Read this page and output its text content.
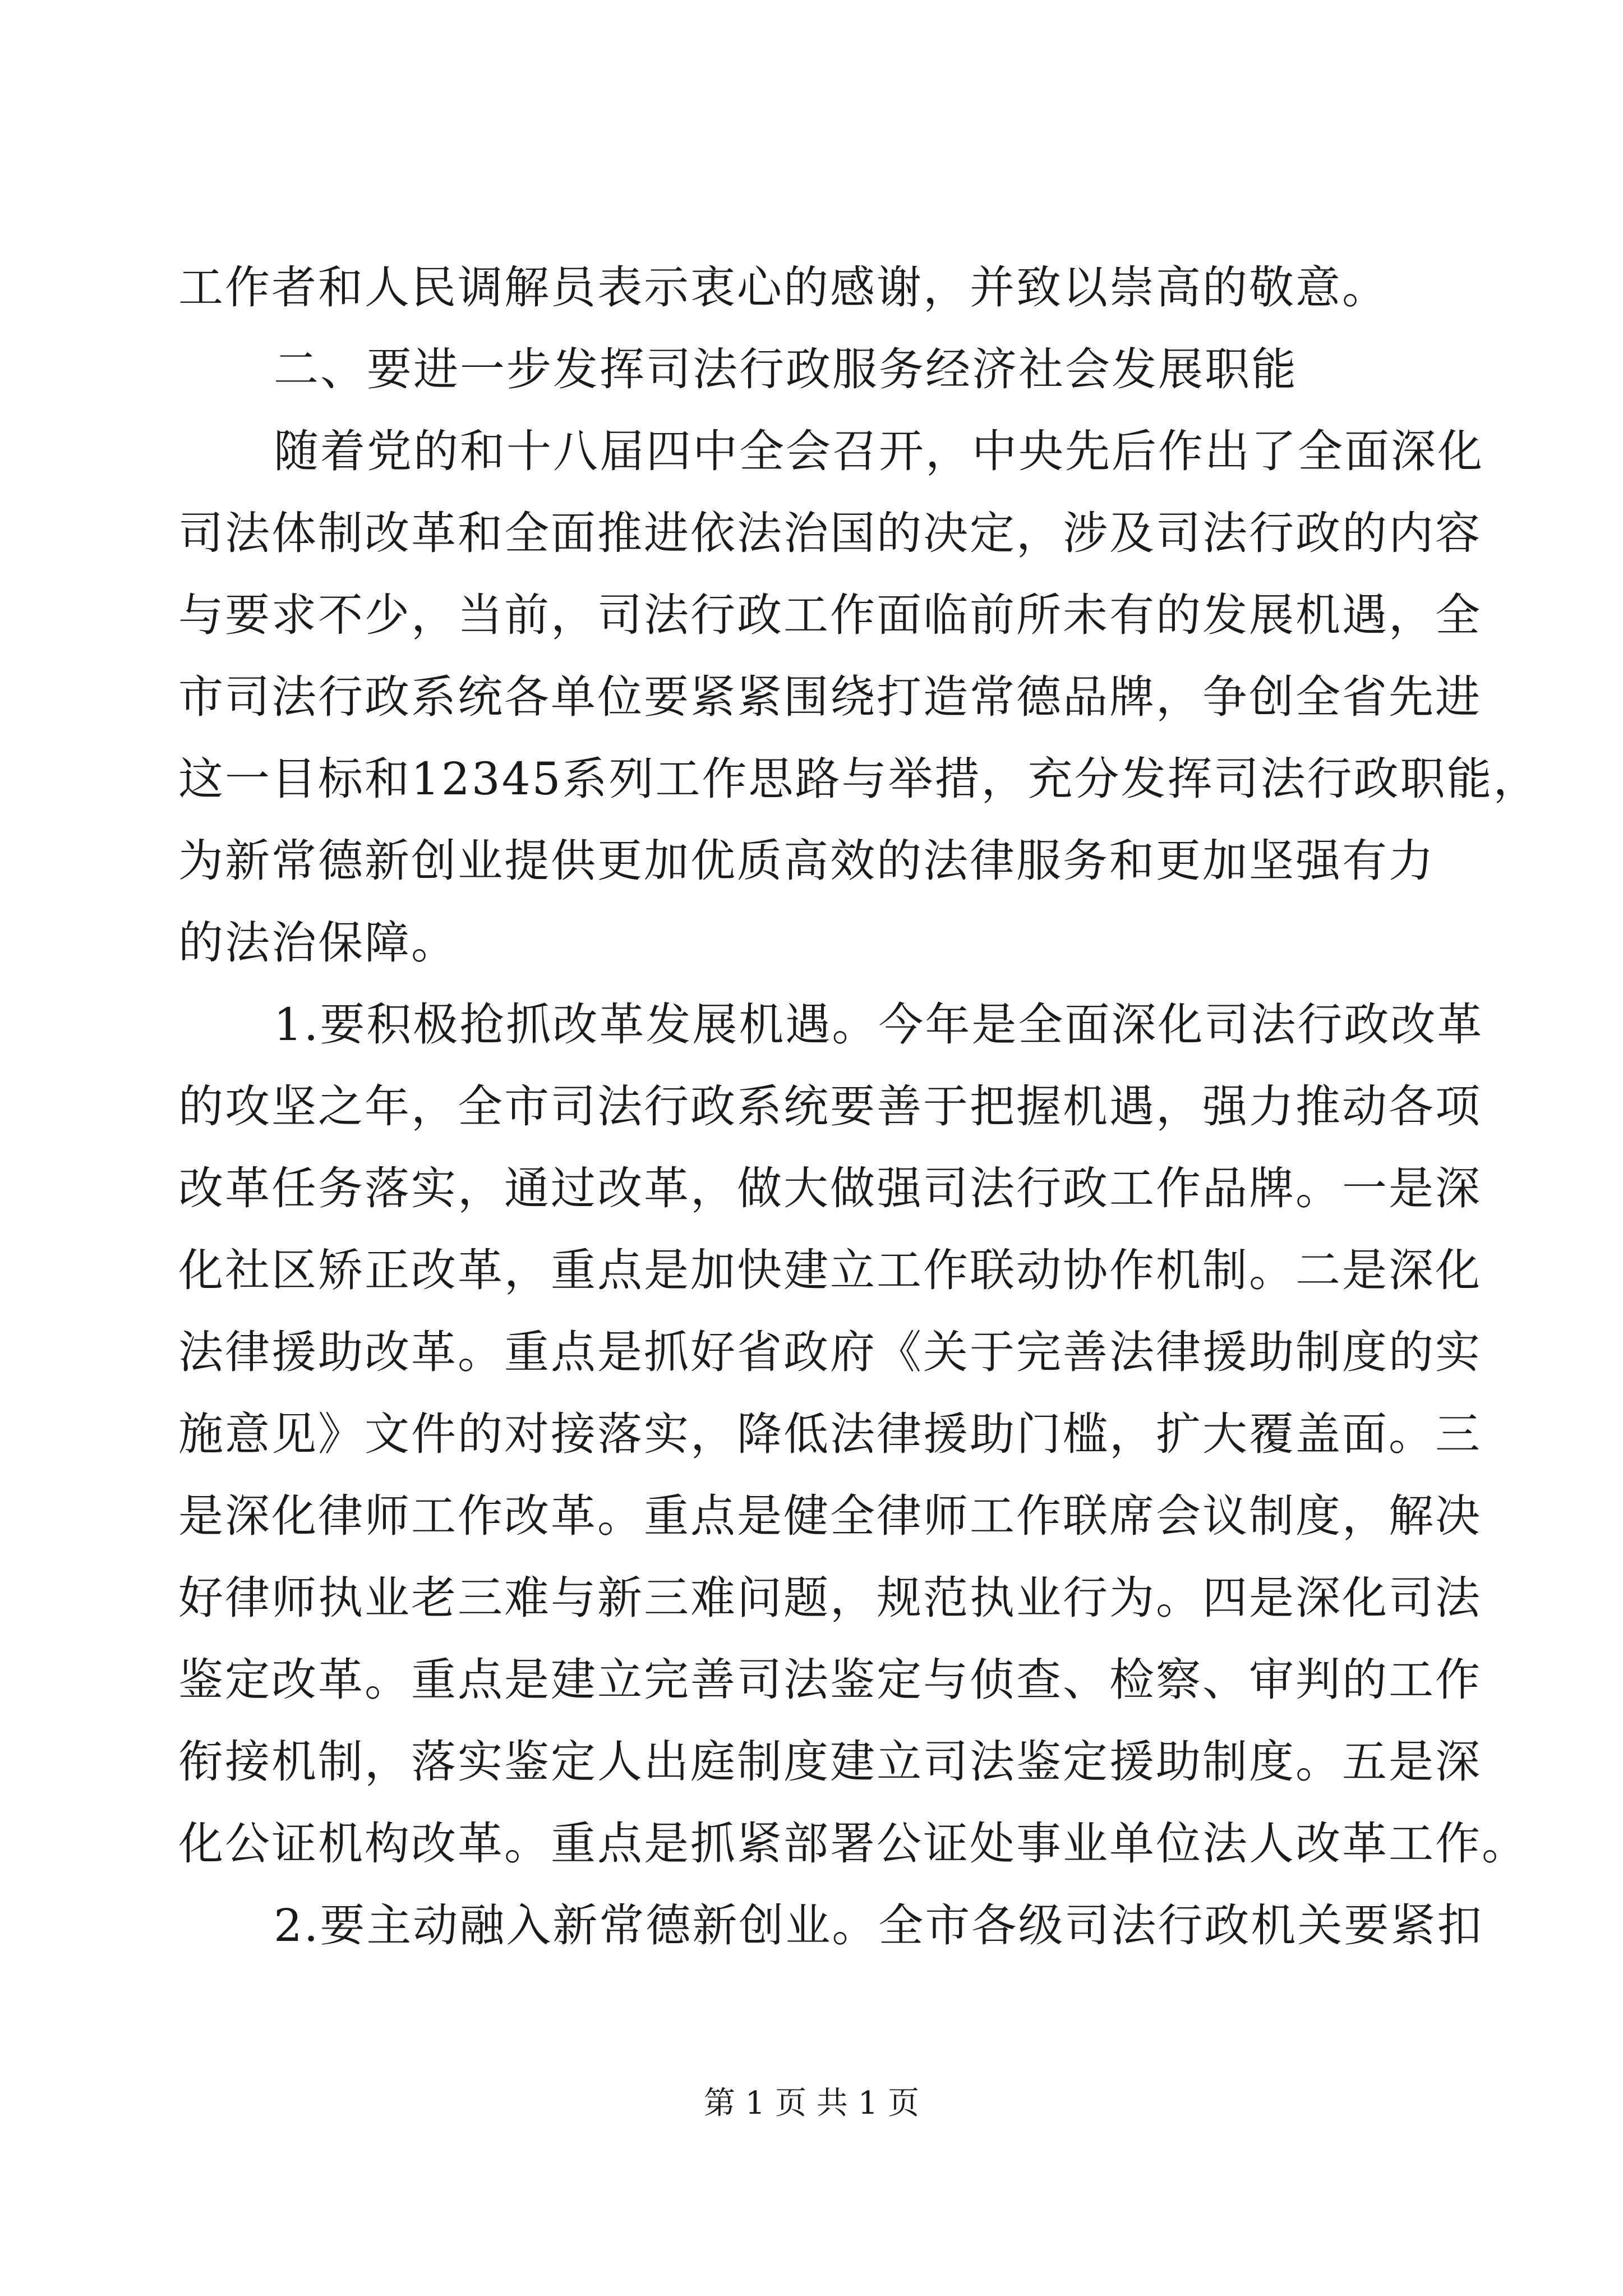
工作者和人民调解员表示衷心的感谢，并致以崇高的敬意。
二、要进一步发挥司法行政服务经济社会发展职能
随着党的和十八届四中全会召开，中央先后作出了全面深化
司法体制改革和全面推进依法治国的决定，涉及司法行政的内容
与要求不少，当前，司法行政工作面临前所未有的发展机遇，全
市司法行政系统各单位要紧紧围绕打造常德品牌，争创全省先进
这一目标和12345系列工作思路与举措，充分发挥司法行政职能，
为新常德新创业提供更加优质高效的法律服务和更加坚强有力
的法治保障。
1.要积极抢抓改革发展机遇。今年是全面深化司法行政改革
的攻坚之年，全市司法行政系统要善于把握机遇，强力推动各项
改革任务落实，通过改革，做大做强司法行政工作品牌。一是深
化社区矫正改革，重点是加快建立工作联动协作机制。二是深化
法律援助改革。重点是抓好省政府《关于完善法律援助制度的实
施意见》文件的对接落实，降低法律援助门槛，扩大覆盖面。三
是深化律师工作改革。重点是健全律师工作联席会议制度，解决
好律师执业老三难与新三难问题，规范执业行为。四是深化司法
鉴定改革。重点是建立完善司法鉴定与侦查、检察、审判的工作
衔接机制，落实鉴定人出庭制度建立司法鉴定援助制度。五是深
化公证机构改革。重点是抓紧部署公证处事业单位法人改革工作。
2.要主动融入新常德新创业。全市各级司法行政机关要紧扣
第 1 页 共 1 页
